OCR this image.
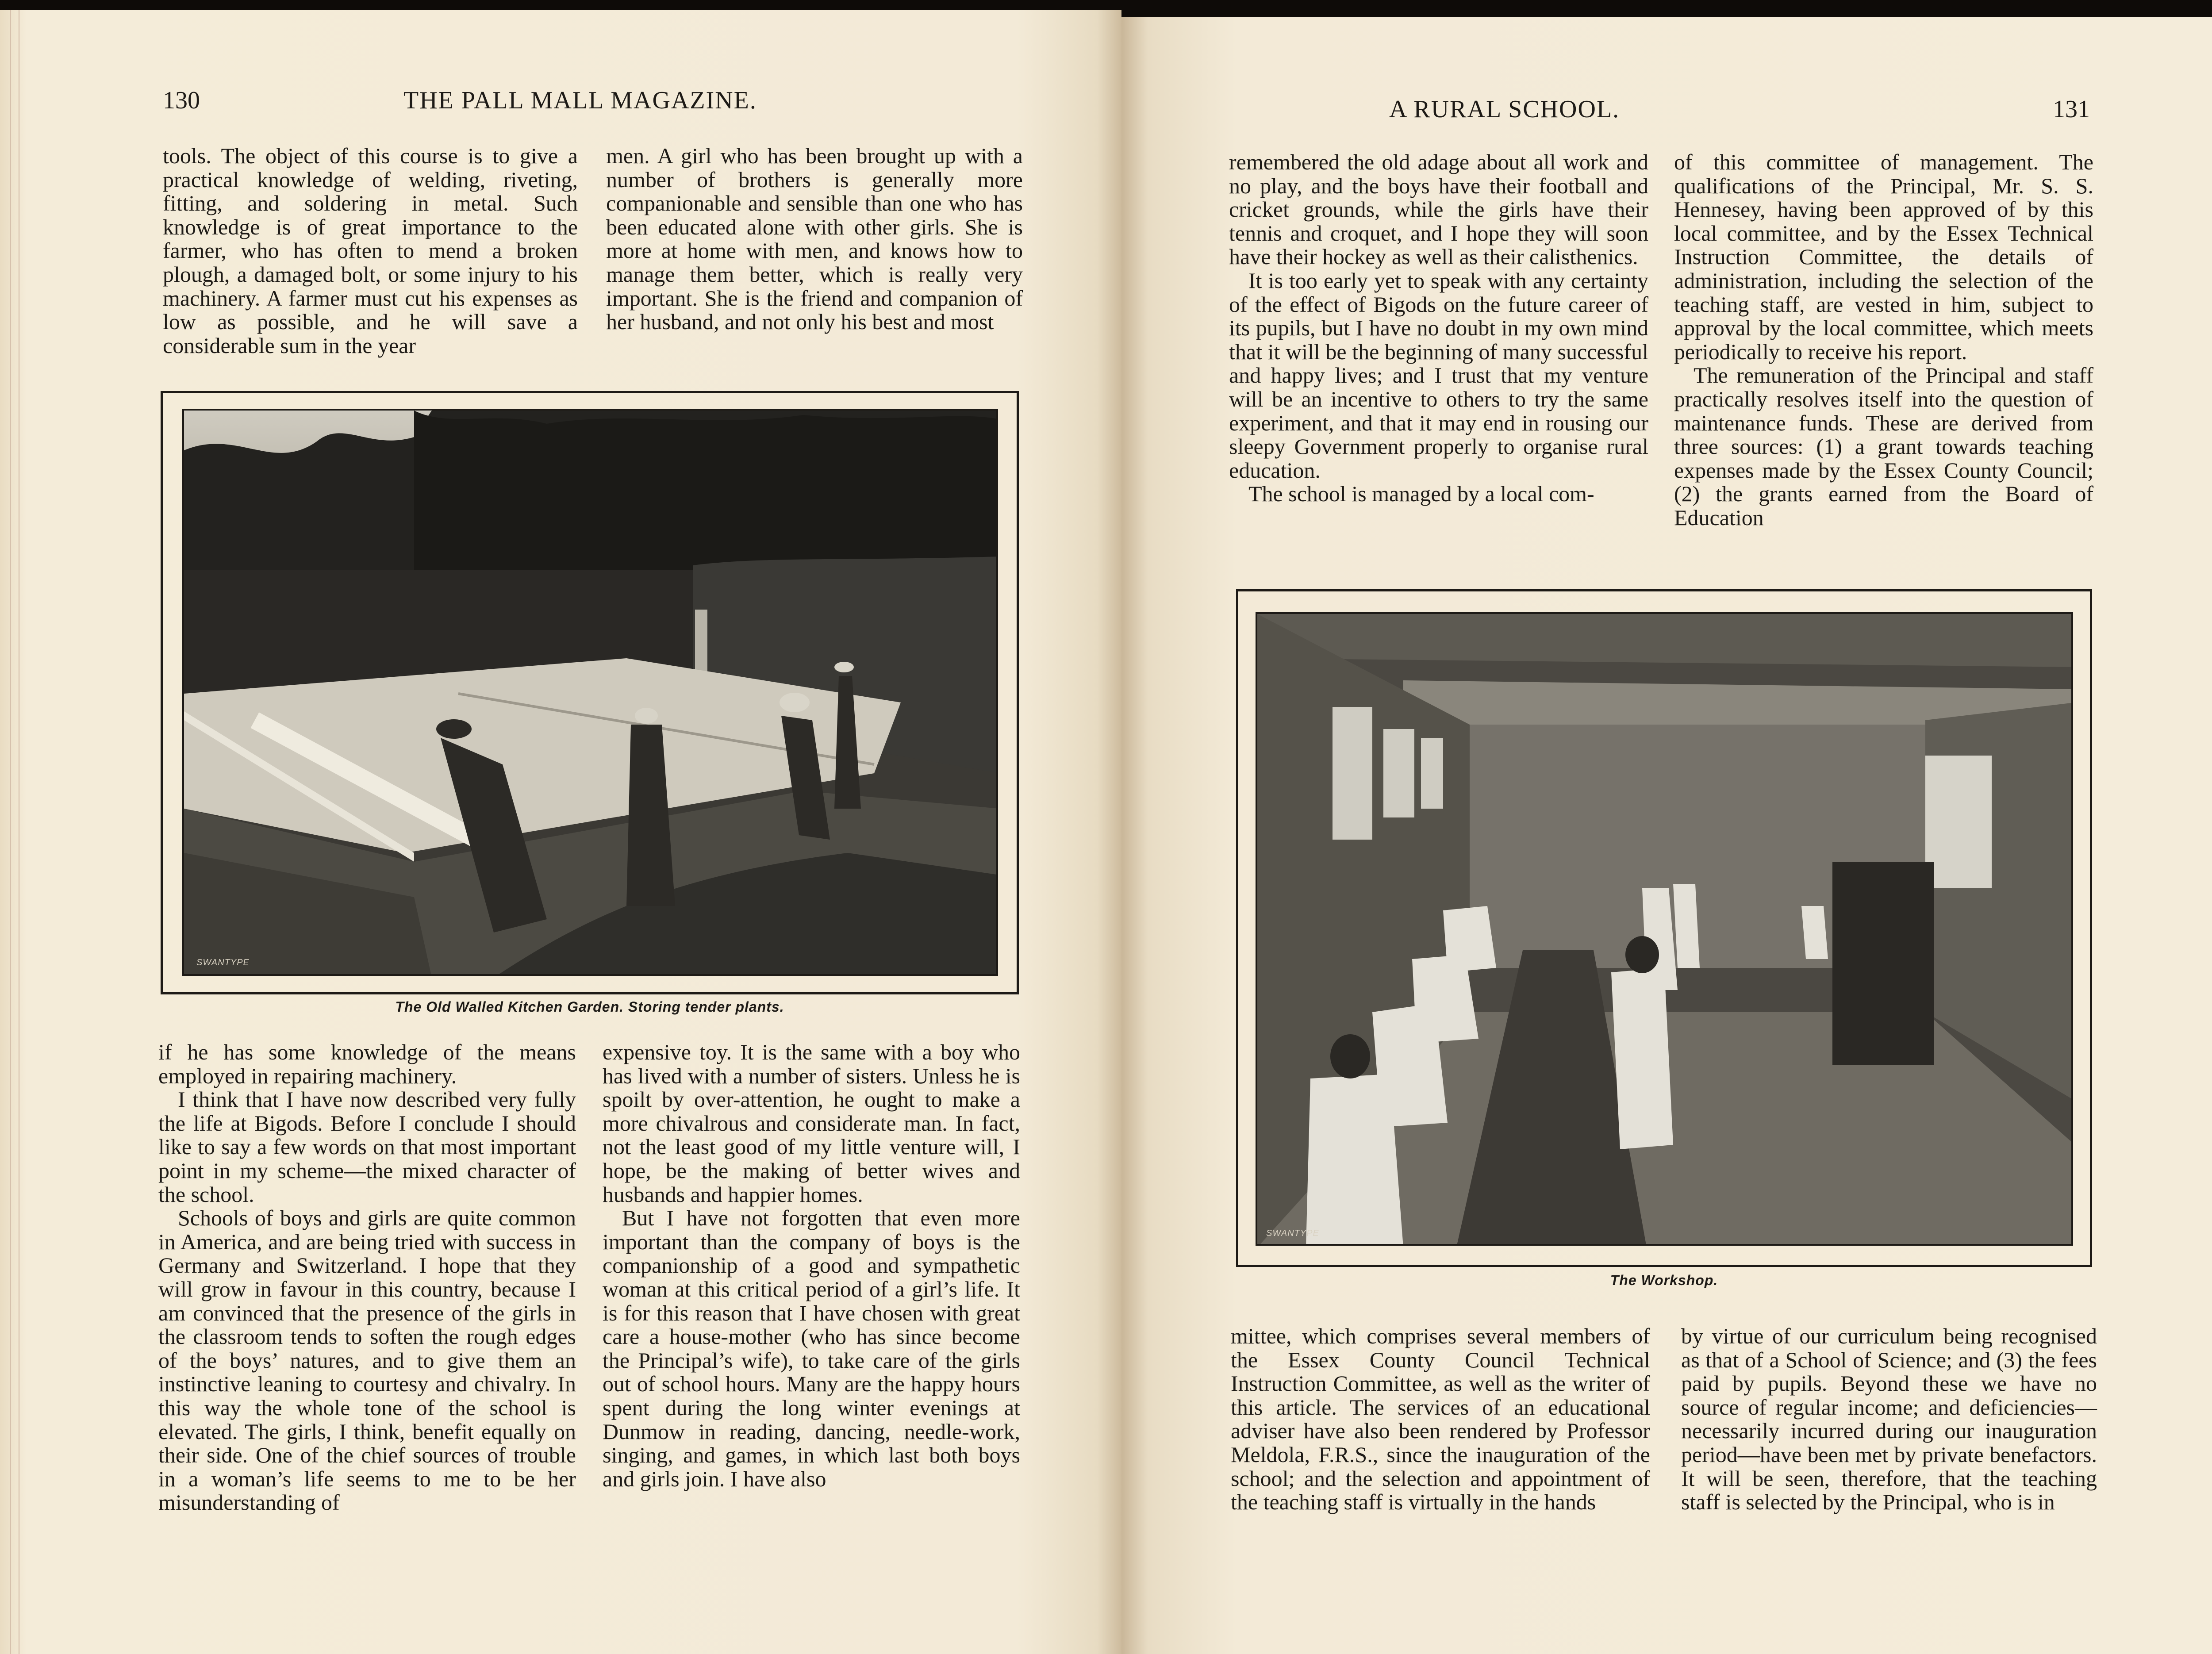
130	THE PALL MALL MAGAZINE.

tools. The object of this course is to give a practical knowledge of welding, riveting, fitting, and soldering in metal. Such knowledge is of great importance to the farmer, who has often to mend a broken plough, a damaged bolt, or some injury to his machinery. A farmer must cut his expenses as low as possible, and he will save a considerable sum in the year

men. A girl who has been brought up with a number of brothers is generally more companionable and sensible than one who has been educated alone with other girls. She is more at home with men, and knows how to manage them better, which is really very important. She is the friend and companion of her husband, and not only his best and most

SWANTYPE
The Old Walled Kitchen Garden. Storing tender plants.

if he has some knowledge of the means employed in repairing machinery.

I think that I have now described very fully the life at Bigods. Before I conclude I should like to say a few words on that most important point in my scheme—the mixed character of the school.

Schools of boys and girls are quite common in America, and are being tried with success in Germany and Switzerland. I hope that they will grow in favour in this country, because I am convinced that the presence of the girls in the classroom tends to soften the rough edges of the boys’ natures, and to give them an instinctive leaning to courtesy and chivalry. In this way the whole tone of the school is elevated. The girls, I think, benefit equally on their side. One of the chief sources of trouble in a woman’s life seems to me to be her misunderstanding of

expensive toy. It is the same with a boy who has lived with a number of sisters. Unless he is spoilt by over-attention, he ought to make a more chivalrous and considerate man. In fact, not the least good of my little venture will, I hope, be the making of better wives and husbands and happier homes.

But I have not forgotten that even more important than the company of boys is the companionship of a good and sympathetic woman at this critical period of a girl’s life. It is for this reason that I have chosen with great care a house-mother (who has since become the Principal’s wife), to take care of the girls out of school hours. Many are the happy hours spent during the long winter evenings at Dunmow in reading, dancing, needle-work, singing, and games, in which last both boys and girls join. I have also

A RURAL SCHOOL.	131

remembered the old adage about all work and no play, and the boys have their football and cricket grounds, while the girls have their tennis and croquet, and I hope they will soon have their hockey as well as their calisthenics.

It is too early yet to speak with any certainty of the effect of Bigods on the future career of its pupils, but I have no doubt in my own mind that it will be the beginning of many successful and happy lives; and I trust that my venture will be an incentive to others to try the same experiment, and that it may end in rousing our sleepy Government properly to organise rural education.

The school is managed by a local com-

of this committee of management. The qualifications of the Principal, Mr. S. S. Hennesey, having been approved of by this local committee, and by the Essex Technical Instruction Committee, the details of administration, including the selection of the teaching staff, are vested in him, subject to approval by the local committee, which meets periodically to receive his report.

The remuneration of the Principal and staff practically resolves itself into the question of maintenance funds. These are derived from three sources: (1) a grant towards teaching expenses made by the Essex County Council; (2) the grants earned from the Board of Education

SWANTYPE
The Workshop.

mittee, which comprises several members of the Essex County Council Technical Instruction Committee, as well as the writer of this article. The services of an educational adviser have also been rendered by Professor Meldola, F.R.S., since the inauguration of the school; and the selection and appointment of the teaching staff is virtually in the hands

by virtue of our curriculum being recognised as that of a School of Science; and (3) the fees paid by pupils. Beyond these we have no source of regular income; and deficiencies—necessarily incurred during our inauguration period—have been met by private benefactors. It will be seen, therefore, that the teaching staff is selected by the Principal, who is in
